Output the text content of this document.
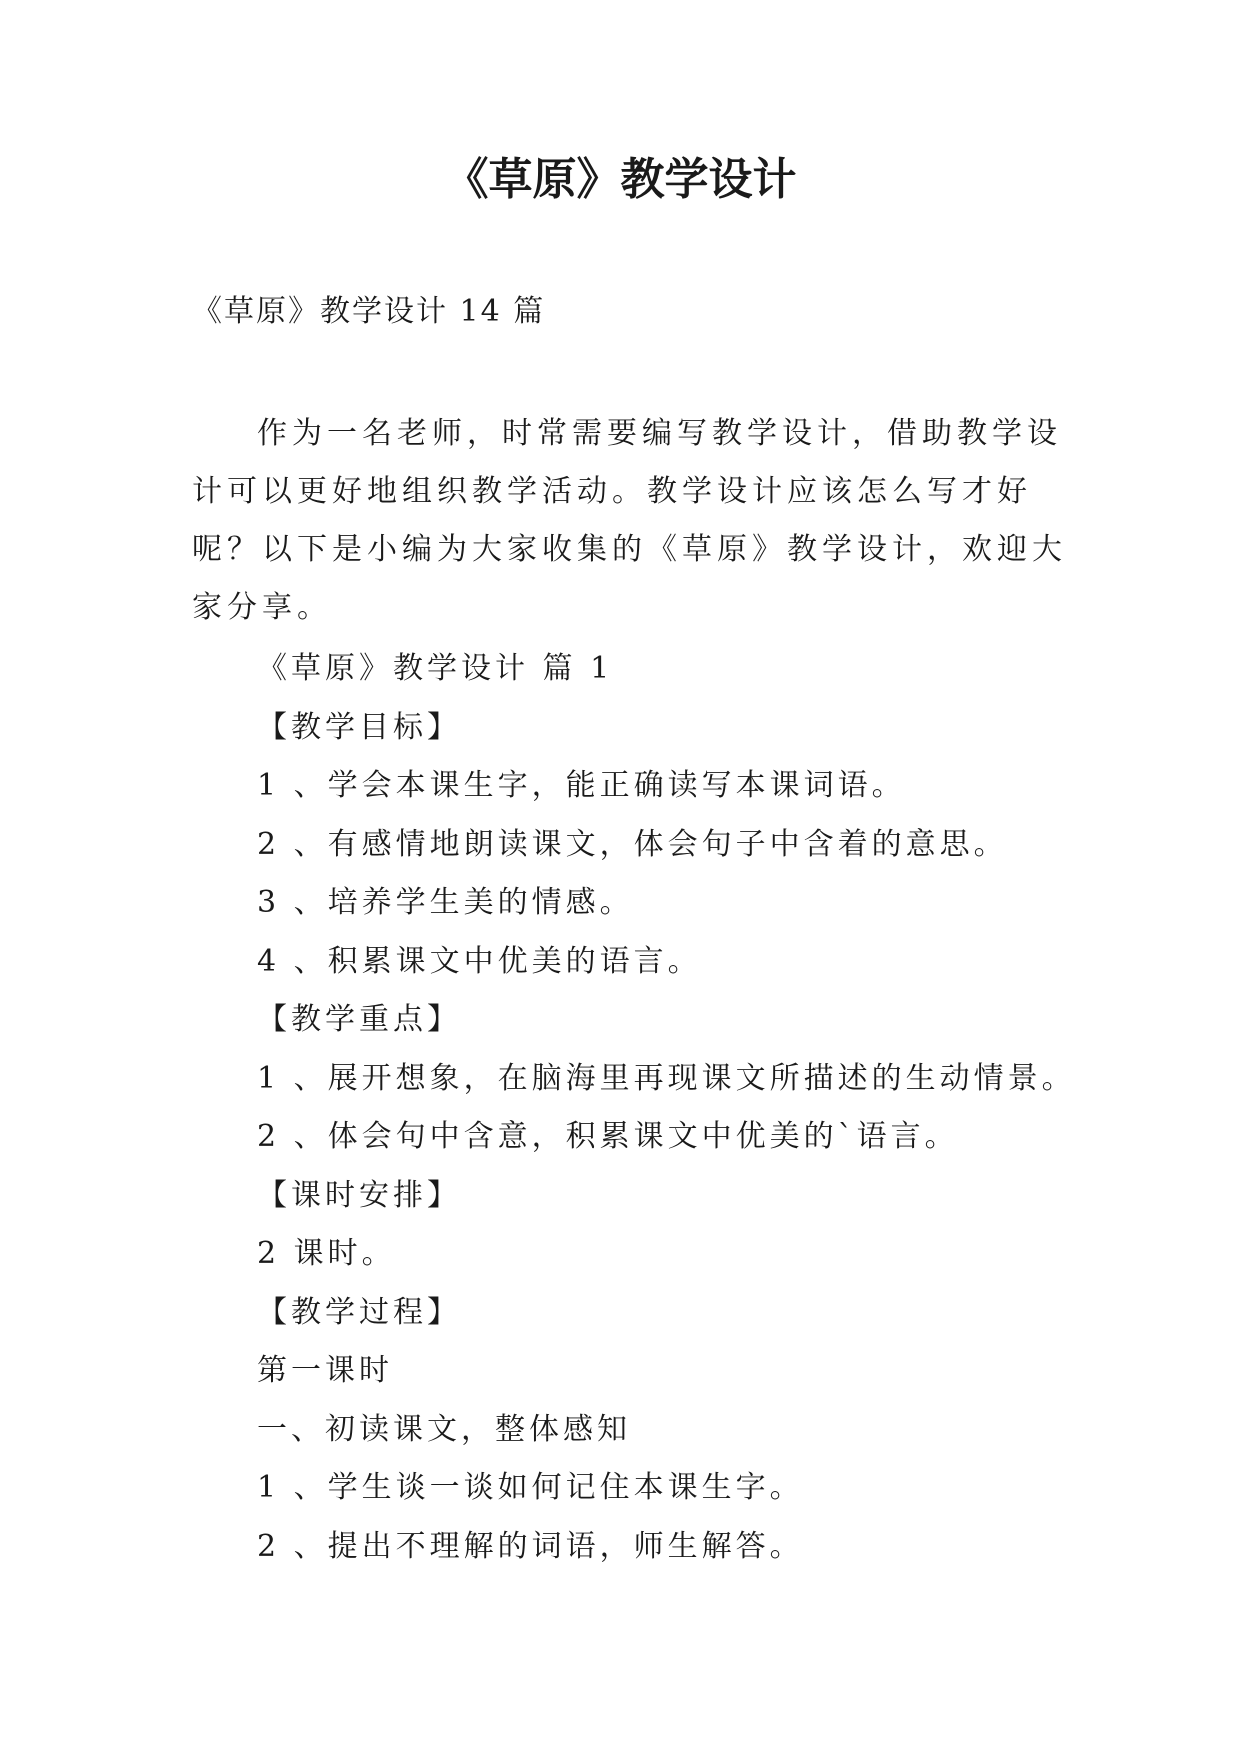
《草原》教学设计
《草原》教学设计 14 篇

作为一名老师，时常需要编写教学设计，借助教学设计可以更好地组织教学活动。教学设计应该怎么写才好呢？以下是小编为大家收集的《草原》教学设计，欢迎大家分享。

《草原》教学设计 篇 1
【教学目标】
1 、学会本课生字，能正确读写本课词语。
2 、有感情地朗读课文，体会句子中含着的意思。
3 、培养学生美的情感。
4 、积累课文中优美的语言。
【教学重点】
1 、展开想象，在脑海里再现课文所描述的生动情景。
2 、体会句中含意，积累课文中优美的`语言。
【课时安排】
2 课时。
【教学过程】
第一课时
一、初读课文，整体感知
1 、学生谈一谈如何记住本课生字。
2 、提出不理解的词语，师生解答。
